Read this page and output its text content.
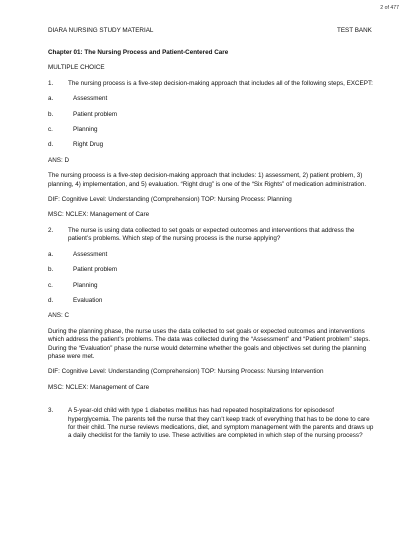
2 of 477
DIARA NURSING STUDY MATERIAL	TEST BANK

Chapter 01: The Nursing Process and Patient-Centered Care

MULTIPLE CHOICE

1.	The nursing process is a five-step decision-making approach that includes all of the following steps, EXCEPT:
a.	Assessment
b.	Patient problem
c.	Planning
d.	Right Drug

ANS: D

The nursing process is a five-step decision-making approach that includes: 1) assessment, 2) patient problem, 3) planning, 4) implementation, and 5) evaluation. “Right drug” is one of the “Six Rights” of medication administration.

DIF: Cognitive Level: Understanding (Comprehension) TOP: Nursing Process: Planning

MSC: NCLEX: Management of Care

2.	The nurse is using data collected to set goals or expected outcomes and interventions that address the patient’s problems. Which step of the nursing process is the nurse applying?
a.	Assessment
b.	Patient problem
c.	Planning
d.	Evaluation

ANS: C

During the planning phase, the nurse uses the data collected to set goals or expected outcomes and interventions which address the patient’s problems. The data was collected during the “Assessment” and “Patient problem” steps. During the “Evaluation” phase the nurse would determine whether the goals and objectives set during the planning phase were met.

DIF: Cognitive Level: Understanding (Comprehension) TOP: Nursing Process: Nursing Intervention

MSC: NCLEX: Management of Care

3.	A 5-year-old child with type 1 diabetes mellitus has had repeated hospitalizations for episodesof hyperglycemia. The parents tell the nurse that they can’t keep track of everything that has to be done to care for their child. The nurse reviews medications, diet, and symptom management with the parents and draws up a daily checklist for the family to use. These activities are completed in which step of the nursing process?
